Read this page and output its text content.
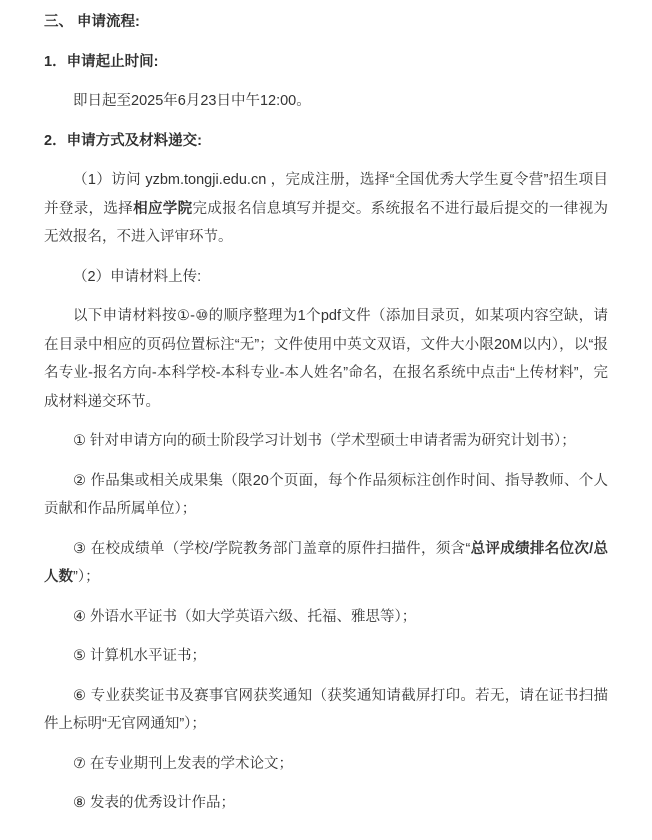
三、 申请流程:

1．申请起止时间:

即日起至2025年6月23日中午12:00。

2．申请方式及材料递交:

（1）访问 yzbm.tongji.edu.cn ，完成注册，选择“全国优秀大学生夏令营”招生项目并登录，选择相应学院完成报名信息填写并提交。系统报名不进行最后提交的一律视为无效报名，不进入评审环节。

（2）申请材料上传:

以下申请材料按①-⑩的顺序整理为1个pdf文件（添加目录页，如某项内容空缺，请在目录中相应的页码位置标注“无”；文件使用中英文双语，文件大小限20M以内），以“报名专业-报名方向-本科学校-本科专业-本人姓名”命名，在报名系统中点击“上传材料”，完成材料递交环节。

① 针对申请方向的硕士阶段学习计划书（学术型硕士申请者需为研究计划书）；

② 作品集或相关成果集（限20个页面，每个作品须标注创作时间、指导教师、个人贡献和作品所属单位）；

③ 在校成绩单（学校/学院教务部门盖章的原件扫描件，须含“总评成绩排名位次/总人数”）；

④ 外语水平证书（如大学英语六级、托福、雅思等）；

⑤ 计算机水平证书；

⑥ 专业获奖证书及赛事官网获奖通知（获奖通知请截屏打印。若无，请在证书扫描件上标明“无官网通知”）；

⑦ 在专业期刊上发表的学术论文；

⑧ 发表的优秀设计作品；
